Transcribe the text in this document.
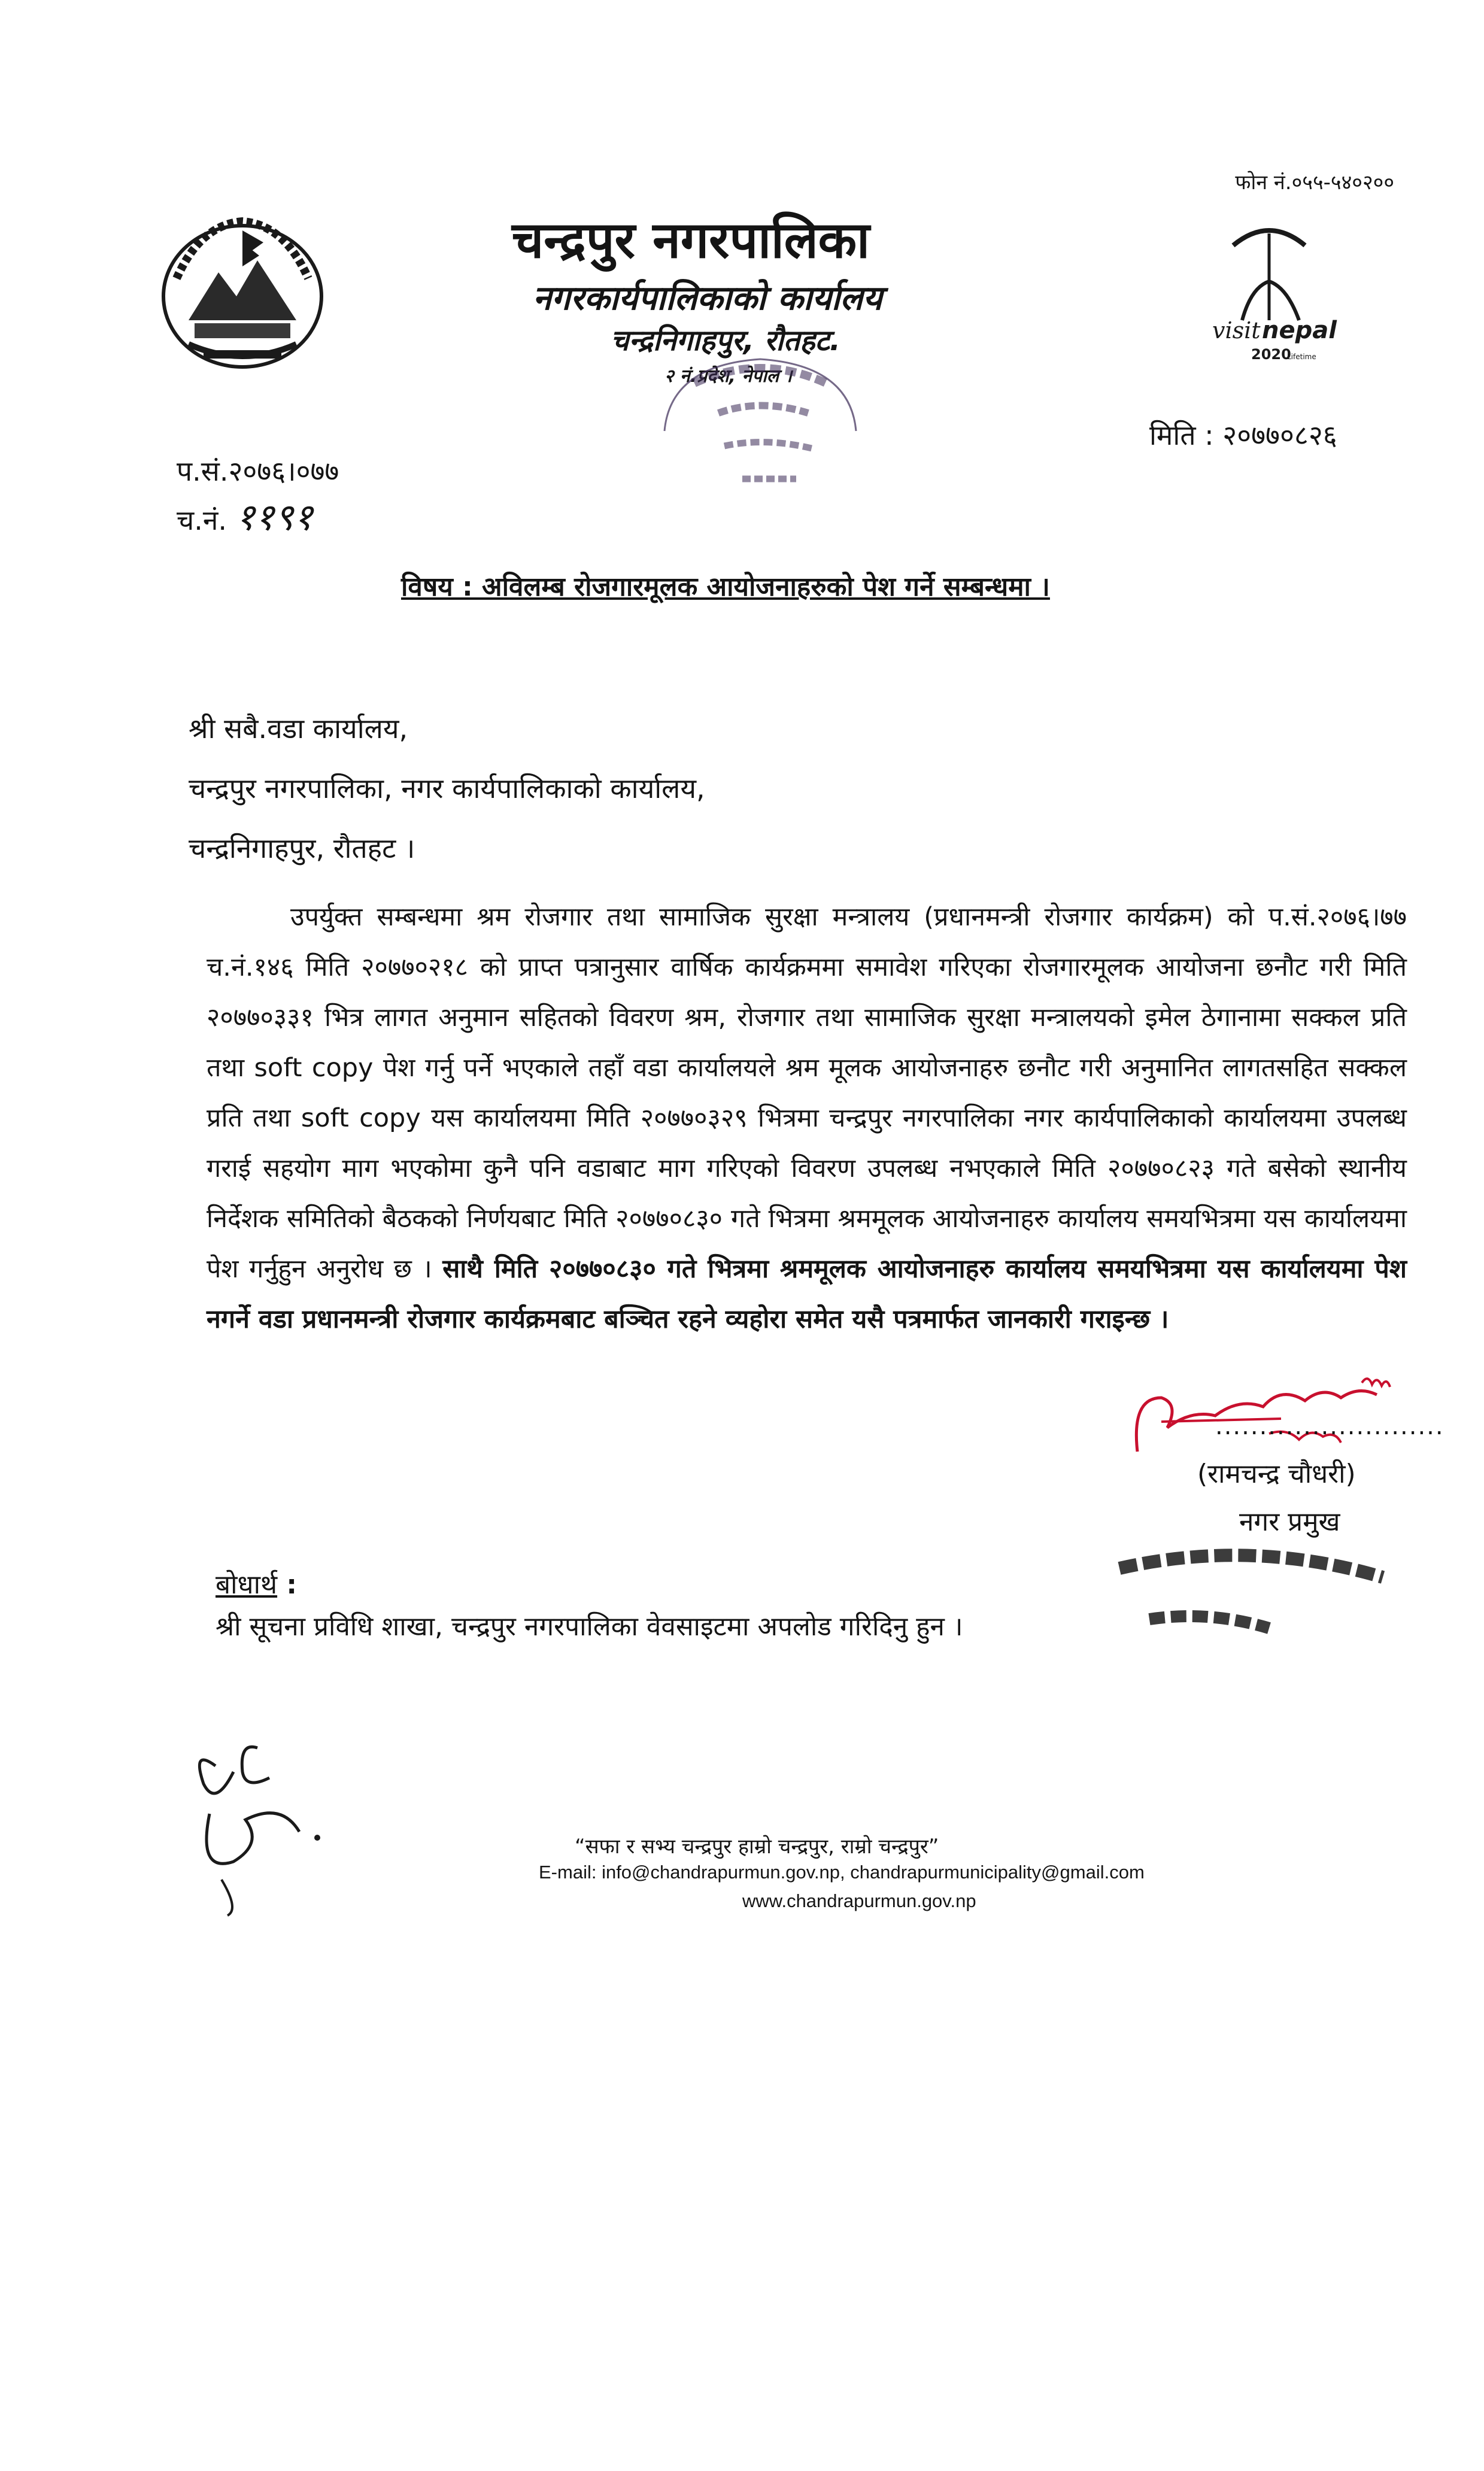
फोन नं.०५५-५४०२००
चन्द्रपुर नगरपालिका
नगरकार्यपालिकाको कार्यालय
चन्द्रनिगाहपुर, रौतहट.
२ नं.प्रदेश, नेपाल ।
visit nepal
2020
Lifetime
मिति : २०७७०८२६
प.सं.२०७६।०७७
च.नं. ११९१
विषय : अविलम्ब रोजगारमूलक आयोजनाहरुको पेश गर्ने सम्बन्धमा ।
श्री सबै.वडा कार्यालय,
चन्द्रपुर नगरपालिका, नगर कार्यपालिकाको कार्यालय,
चन्द्रनिगाहपुर, रौतहट ।
उपर्युक्त सम्बन्धमा श्रम रोजगार तथा सामाजिक सुरक्षा मन्त्रालय (प्रधानमन्त्री रोजगार कार्यक्रम) को प.सं.२०७६।७७ च.नं.१४६ मिति २०७७०२१८ को प्राप्त पत्रानुसार वार्षिक कार्यक्रममा समावेश गरिएका रोजगारमूलक आयोजना छनौट गरी मिति २०७७०३३१ भित्र लागत अनुमान सहितको विवरण श्रम, रोजगार तथा सामाजिक सुरक्षा मन्त्रालयको इमेल ठेगानामा सक्कल प्रति तथा soft copy पेश गर्नु पर्ने भएकाले तहाँ वडा कार्यालयले श्रम मूलक आयोजनाहरु छनौट गरी अनुमानित लागतसहित सक्कल प्रति तथा soft copy यस कार्यालयमा मिति २०७७०३२९ भित्रमा चन्द्रपुर नगरपालिका नगर कार्यपालिकाको कार्यालयमा उपलब्ध गराई सहयोग माग भएकोमा कुनै पनि वडाबाट माग गरिएको विवरण उपलब्ध नभएकाले मिति २०७७०८२३ गते बसेको स्थानीय निर्देशक समितिको बैठकको निर्णयबाट मिति २०७७०८३० गते भित्रमा श्रममूलक आयोजनाहरु कार्यालय समयभित्रमा यस कार्यालयमा पेश गर्नुहुन अनुरोध छ । साथै मिति २०७७०८३० गते भित्रमा श्रममूलक आयोजनाहरु कार्यालय समयभित्रमा यस कार्यालयमा पेश नगर्ने वडा प्रधानमन्त्री रोजगार कार्यक्रमबाट बञ्चित रहने व्यहोरा समेत यसै पत्रमार्फत जानकारी गराइन्छ ।
..........................
(रामचन्द्र चौधरी)
नगर प्रमुख
बोधार्थ :
श्री सूचना प्रविधि शाखा, चन्द्रपुर नगरपालिका वेवसाइटमा अपलोड गरिदिनु हुन ।
“सफा र सभ्य चन्द्रपुर हाम्रो चन्द्रपुर, राम्रो चन्द्रपुर”
E-mail: info@chandrapurmun.gov.np, chandrapurmunicipality@gmail.com
www.chandrapurmun.gov.np
